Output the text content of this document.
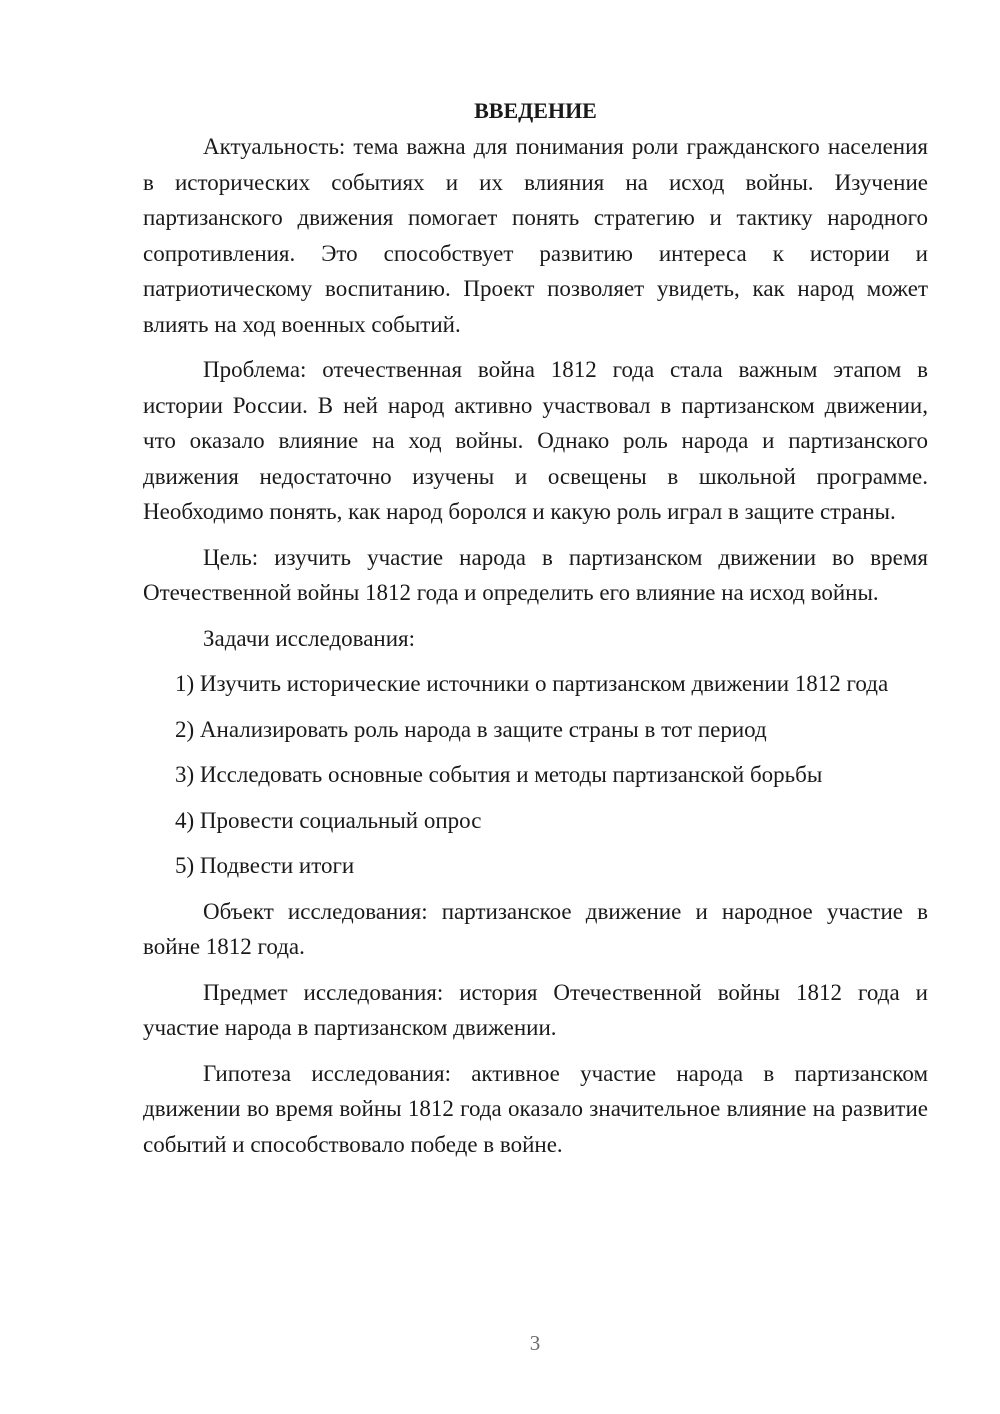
ВВЕДЕНИЕ

Актуальность: тема важна для понимания роли гражданского населения в исторических событиях и их влияния на исход войны. Изучение партизанского движения помогает понять стратегию и тактику народного сопротивления. Это способствует развитию интереса к истории и патриотическому воспитанию. Проект позволяет увидеть, как народ может влиять на ход военных событий.

Проблема: отечественная война 1812 года стала важным этапом в истории России. В ней народ активно участвовал в партизанском движении, что оказало влияние на ход войны. Однако роль народа и партизанского движения недостаточно изучены и освещены в школьной программе. Необходимо понять, как народ боролся и какую роль играл в защите страны.

Цель: изучить участие народа в партизанском движении во время Отечественной войны 1812 года и определить его влияние на исход войны.

Задачи исследования:

1) Изучить исторические источники о партизанском движении 1812 года

2) Анализировать роль народа в защите страны в тот период

3) Исследовать основные события и методы партизанской борьбы

4) Провести социальный опрос

5) Подвести итоги

Объект исследования: партизанское движение и народное участие в войне 1812 года.

Предмет исследования: история Отечественной войны 1812 года и участие народа в партизанском движении.

Гипотеза исследования: активное участие народа в партизанском движении во время войны 1812 года оказало значительное влияние на развитие событий и способствовало победе в войне.

3
